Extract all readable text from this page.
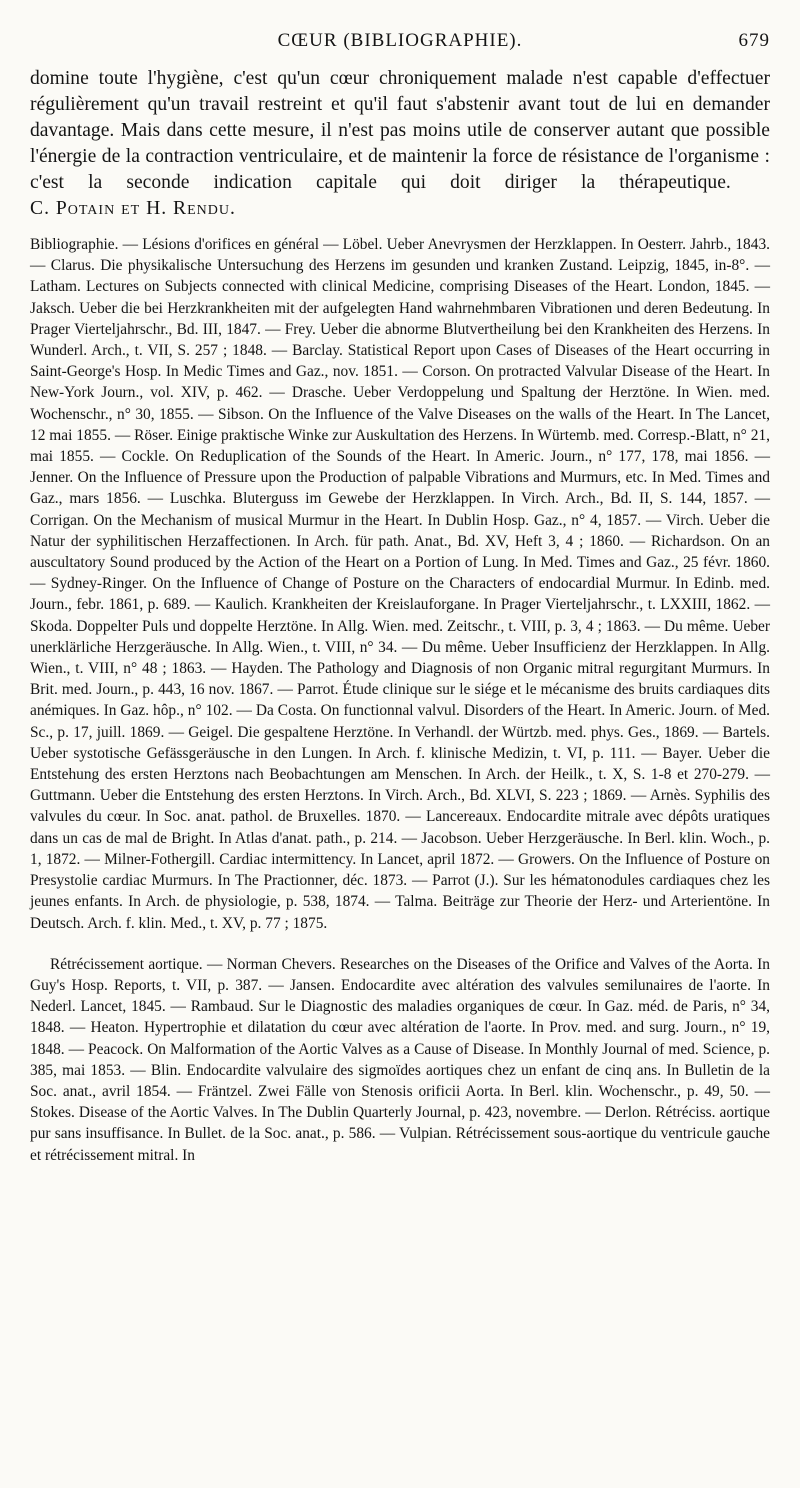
CŒUR (BIBLIOGRAPHIE).	679

domine toute l'hygiène, c'est qu'un cœur chroniquement malade n'est capable d'effectuer régulièrement qu'un travail restreint et qu'il faut s'abstenir avant tout de lui en demander davantage. Mais dans cette mesure, il n'est pas moins utile de conserver autant que possible l'énergie de la contraction ventriculaire, et de maintenir la force de résistance de l'organisme : c'est la seconde indication capitale qui doit diriger la thérapeutique.  C. Potain et H. Rendu.

Bibliographie. — Lésions d'orifices en général — Löbel. Ueber Anevrysmen der Herzklappen. In Oesterr. Jahrb., 1843. — Clarus. Die physikalische Untersuchung des Herzens im gesunden und kranken Zustand. Leipzig, 1845, in-8°. — Latham. Lectures on Subjects connected with clinical Medicine, comprising Diseases of the Heart. London, 1845. — Jaksch. Ueber die bei Herzkrankheiten mit der aufgelegten Hand wahrnehmbaren Vibrationen und deren Bedeutung. In Prager Vierteljahrschr., Bd. III, 1847. — Frey. Ueber die abnorme Blutvertheilung bei den Krankheiten des Herzens. In Wunderl. Arch., t. VII, S. 257 ; 1848. — Barclay. Statistical Report upon Cases of Diseases of the Heart occurring in Saint-George's Hosp. In Medic Times and Gaz., nov. 1851. — Corson. On protracted Valvular Disease of the Heart. In New-York Journ., vol. XIV, p. 462. — Drasche. Ueber Verdoppelung und Spaltung der Herztöne. In Wien. med. Wochenschr., n° 30, 1855. — Sibson. On the Influence of the Valve Diseases on the walls of the Heart. In The Lancet, 12 mai 1855. — Röser. Einige praktische Winke zur Auskultation des Herzens. In Würtemb. med. Corresp.-Blatt, n° 21, mai 1855. — Cockle. On Reduplication of the Sounds of the Heart. In Americ. Journ., n° 177, 178, mai 1856. — Jenner. On the Influence of Pressure upon the Production of palpable Vibrations and Murmurs, etc. In Med. Times and Gaz., mars 1856. — Luschka. Bluterguss im Gewebe der Herzklappen. In Virch. Arch., Bd. II, S. 144, 1857. — Corrigan. On the Mechanism of musical Murmur in the Heart. In Dublin Hosp. Gaz., n° 4, 1857. — Virch. Ueber die Natur der syphilitischen Herzaffectionen. In Arch. für path. Anat., Bd. XV, Heft 3, 4 ; 1860. — Richardson. On an auscultatory Sound produced by the Action of the Heart on a Portion of Lung. In Med. Times and Gaz., 25 févr. 1860. — Sydney-Ringer. On the Influence of Change of Posture on the Characters of endocardial Murmur. In Edinb. med. Journ., febr. 1861, p. 689. — Kaulich. Krankheiten der Kreislauforgane. In Prager Vierteljahrschr., t. LXXIII, 1862. — Skoda. Doppelter Puls und doppelte Herztöne. In Allg. Wien. med. Zeitschr., t. VIII, p. 3, 4 ; 1863. — Du même. Ueber unerklärliche Herzgeräusche. In Allg. Wien., t. VIII, n° 34. — Du même. Ueber Insufficienz der Herzklappen. In Allg. Wien., t. VIII, n° 48 ; 1863. — Hayden. The Pathology and Diagnosis of non Organic mitral regurgitant Murmurs. In Brit. med. Journ., p. 443, 16 nov. 1867. — Parrot. Étude clinique sur le siége et le mécanisme des bruits cardiaques dits anémiques. In Gaz. hôp., n° 102. — Da Costa. On functionnal valvul. Disorders of the Heart. In Americ. Journ. of Med. Sc., p. 17, juill. 1869. — Geigel. Die gespaltene Herztöne. In Verhandl. der Würtzb. med. phys. Ges., 1869. — Bartels. Ueber systotische Gefässgeräusche in den Lungen. In Arch. f. klinische Medizin, t. VI, p. 111. — Bayer. Ueber die Entstehung des ersten Herztons nach Beobachtungen am Menschen. In Arch. der Heilk., t. X, S. 1-8 et 270-279. — Guttmann. Ueber die Entstehung des ersten Herztons. In Virch. Arch., Bd. XLVI, S. 223 ; 1869. — Arnès. Syphilis des valvules du cœur. In Soc. anat. pathol. de Bruxelles. 1870. — Lancereaux. Endocardite mitrale avec dépôts uratiques dans un cas de mal de Bright. In Atlas d'anat. path., p. 214. — Jacobson. Ueber Herzgeräusche. In Berl. klin. Woch., p. 1, 1872. — Milner-Fothergill. Cardiac intermittency. In Lancet, april 1872. — Growers. On the Influence of Posture on Presystolie cardiac Murmurs. In The Practionner, déc. 1873. — Parrot (J.). Sur les hématonodules cardiaques chez les jeunes enfants. In Arch. de physiologie, p. 538, 1874. — Talma. Beiträge zur Theorie der Herz- und Arterientöne. In Deutsch. Arch. f. klin. Med., t. XV, p. 77 ; 1875.

Rétrécissement aortique. — Norman Chevers. Researches on the Diseases of the Orifice and Valves of the Aorta. In Guy's Hosp. Reports, t. VII, p. 387. — Jansen. Endocardite avec altération des valvules semilunaires de l'aorte. In Nederl. Lancet, 1845. — Rambaud. Sur le Diagnostic des maladies organiques de cœur. In Gaz. méd. de Paris, n° 34, 1848. — Heaton. Hypertrophie et dilatation du cœur avec altération de l'aorte. In Prov. med. and surg. Journ., n° 19, 1848. — Peacock. On Malformation of the Aortic Valves as a Cause of Disease. In Monthly Journal of med. Science, p. 385, mai 1853. — Blin. Endocardite valvulaire des sigmoïdes aortiques chez un enfant de cinq ans. In Bulletin de la Soc. anat., avril 1854. — Fräntzel. Zwei Fälle von Stenosis orificii Aorta. In Berl. klin. Wochenschr., p. 49, 50. — Stokes. Disease of the Aortic Valves. In The Dublin Quarterly Journal, p. 423, novembre. — Derlon. Rétréciss. aortique pur sans insuffisance. In Bullet. de la Soc. anat., p. 586. — Vulpian. Rétrécissement sous-aortique du ventricule gauche et rétrécissement mitral. In
